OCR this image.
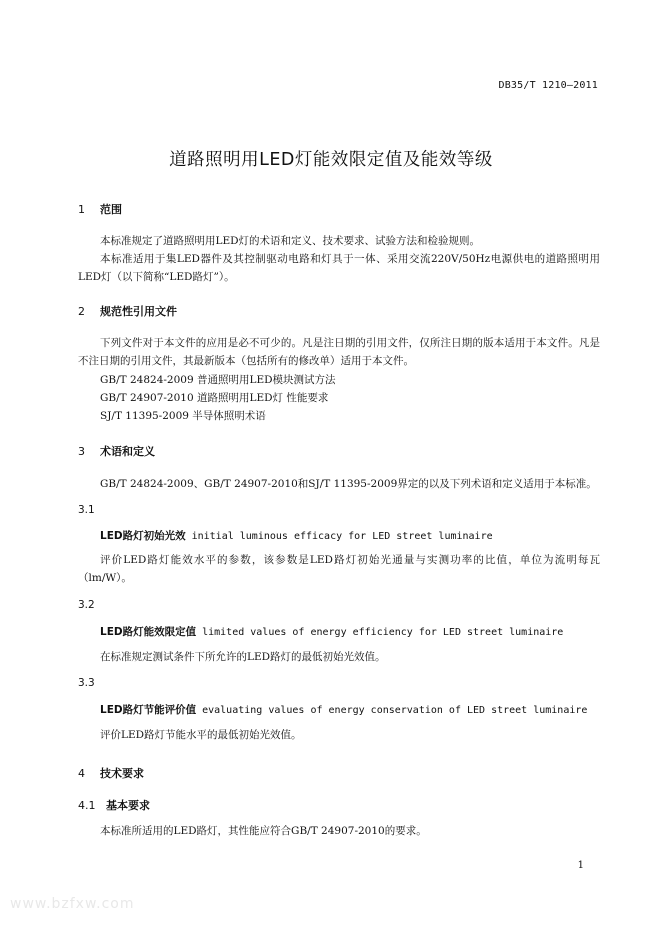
DB35/T 1210—2011
道路照明用LED灯能效限定值及能效等级
1 范围
本标准规定了道路照明用LED灯的术语和定义、技术要求、试验方法和检验规则。
本标准适用于集LED器件及其控制驱动电路和灯具于一体、采用交流220V/50Hz电源供电的道路照明用LED灯（以下简称“LED路灯”）。
2 规范性引用文件
下列文件对于本文件的应用是必不可少的。凡是注日期的引用文件，仅所注日期的版本适用于本文件。凡是不注日期的引用文件，其最新版本（包括所有的修改单）适用于本文件。
GB/T 24824-2009 普通照明用LED模块测试方法
GB/T 24907-2010 道路照明用LED灯 性能要求
SJ/T 11395-2009 半导体照明术语
3 术语和定义
GB/T 24824-2009、GB/T 24907-2010和SJ/T 11395-2009界定的以及下列术语和定义适用于本标准。
3.1
LED路灯初始光效 initial luminous efficacy for LED street luminaire
评价LED路灯能效水平的参数，该参数是LED路灯初始光通量与实测功率的比值，单位为流明每瓦（lm/W）。
3.2
LED路灯能效限定值 limited values of energy efficiency for LED street luminaire
在标准规定测试条件下所允许的LED路灯的最低初始光效值。
3.3
LED路灯节能评价值 evaluating values of energy conservation of LED street luminaire
评价LED路灯节能水平的最低初始光效值。
4 技术要求
4.1 基本要求
本标准所适用的LED路灯，其性能应符合GB/T 24907-2010的要求。
1
www.bzfxw.com
